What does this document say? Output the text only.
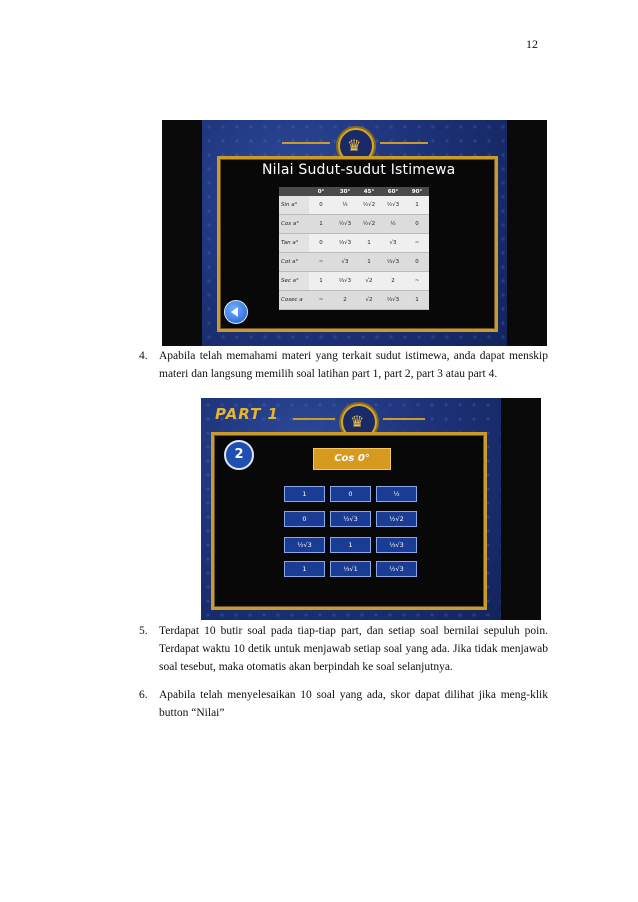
12
♛
Nilai Sudut-sudut Istimewa
	0°	30°	45°	60°	90°
Sin a°	0	½	½√2	½√3	1
Cos a°	1	½√3	½√2	½	0
Tan a°	0	⅓√3	1	√3	~
Cot a°	~	√3	1	⅓√3	0
Sec a°	1	⅔√3	√2	2	~
Cosec a	~	2	√2	⅔√3	1
4. Apabila telah memahami materi yang terkait sudut istimewa, anda dapat menskip materi dan langsung memilih soal latihan part 1, part 2, part 3 atau part 4.
♛
PART 1
2	Cos 0°
1	0	½
0	½√3	½√2
½√3	1	⅓√3
1	⅓√1	½√3
5. Terdapat 10 butir soal pada tiap-tiap part, dan setiap soal bernilai sepuluh poin. Terdapat waktu 10 detik untuk menjawab setiap soal yang ada. Jika tidak menjawab soal tesebut, maka otomatis akan berpindah ke soal selanjutnya.
6. Apabila telah menyelesaikan 10 soal yang ada, skor dapat dilihat jika meng-klik button “Nilai”
